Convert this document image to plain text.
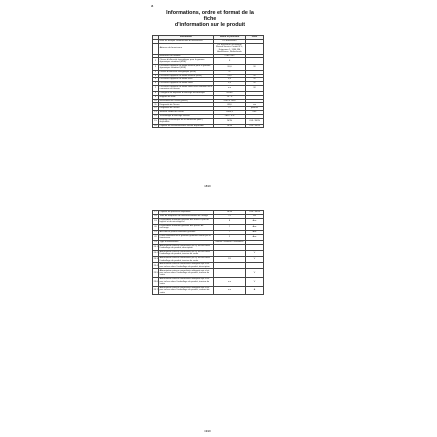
a
Informations, ordre et format de la fiche
d'information sur le produit
	Information	Valeur et précision	Unité
	Nom ou marque commerciale du fournisseur	LG Electronics	
	Adresse du fournisseur	LG Electronics European Shared Service Center B.V., Krijgsman 1, 1186 DM Amstelveen, Netherlands	
	Référence du modèle	27BL750C	
1	Classe d'efficacité énergétique pour la gamme dynamique standard (SDR)	F	
2	Puissance appelée en mode marche pour la gamme dynamique standard (SDR)	20,0	W
3	Classe d'efficacité énergétique (HDR)	G	
4	Puissance appelée en mode marche (HDR)	29,0	W
5	Puissance appelée en mode arrêt	0,3	W
6	Puissance appelée en mode veille	0,3	W
7	Puissance appelée en mode veille avec maintien de la connexion au réseau	n.a	W
8	Catégorie de dispositif d'affichage électronique	Écran	
9	Rapport de taille	16 : 9	
10	Résolution de l'écran (pixels)	2560 x 1440	
11	Diagonale de l'écran	68,6	cm
12	Diagonale de l'écran	27	pouces
13	Surface visible de l'écran	2008,3	cm²
14	Technologie d'affichage utilisée	LED / IPS	
15	Réglage automatique de la luminosité (ABC) disponible	NON	OUI / NON
16	Capteur de reconnaissance vocale disponible	NON	OUI / NON
18/20
17	Capteur de présence disponible	NON	OUI / NON
18	Taux de fréquence de rafraîchissement de l'image	75	Hz
19	Disponibilité minimale garantie des mises à jour du logiciel et du micrologiciel	8	Ans
20	Disponibilité minimale garantie des pièces de rechange	7	Ans
21	Assistance produit minimale garantie	7	Ans
22	Durée minimale de la garantie générale offerte par le fournisseur	2	Ans
23	Type d'alimentation	Interne / Externe / Normalisé	
23.1	Alimentation externe normalisée (EPS) incluse dans l'emballage du produit, description		
23.2	Alimentation externe normalisée (EPS) incluse dans l'emballage du produit, tension de sortie		V
23.3	Alimentation externe normalisée (EPS) incluse dans l'emballage du produit, tension de sortie	19	V
23.4	Alimentation externe normalisée adéquate qui n'est pas incluse dans l'emballage du produit, description		
23.5	Alimentation externe normalisée adéquate qui n'est pas incluse dans l'emballage du produit, tension de sortie		V
23.6	Alimentation externe normalisée adéquate qui n'est pas incluse dans l'emballage du produit, tension de sortie	n.a	V
23.7	Alimentation externe normalisée adéquate qui n'est pas incluse dans l'emballage du produit, courant de sortie	n.a	A
19/20
